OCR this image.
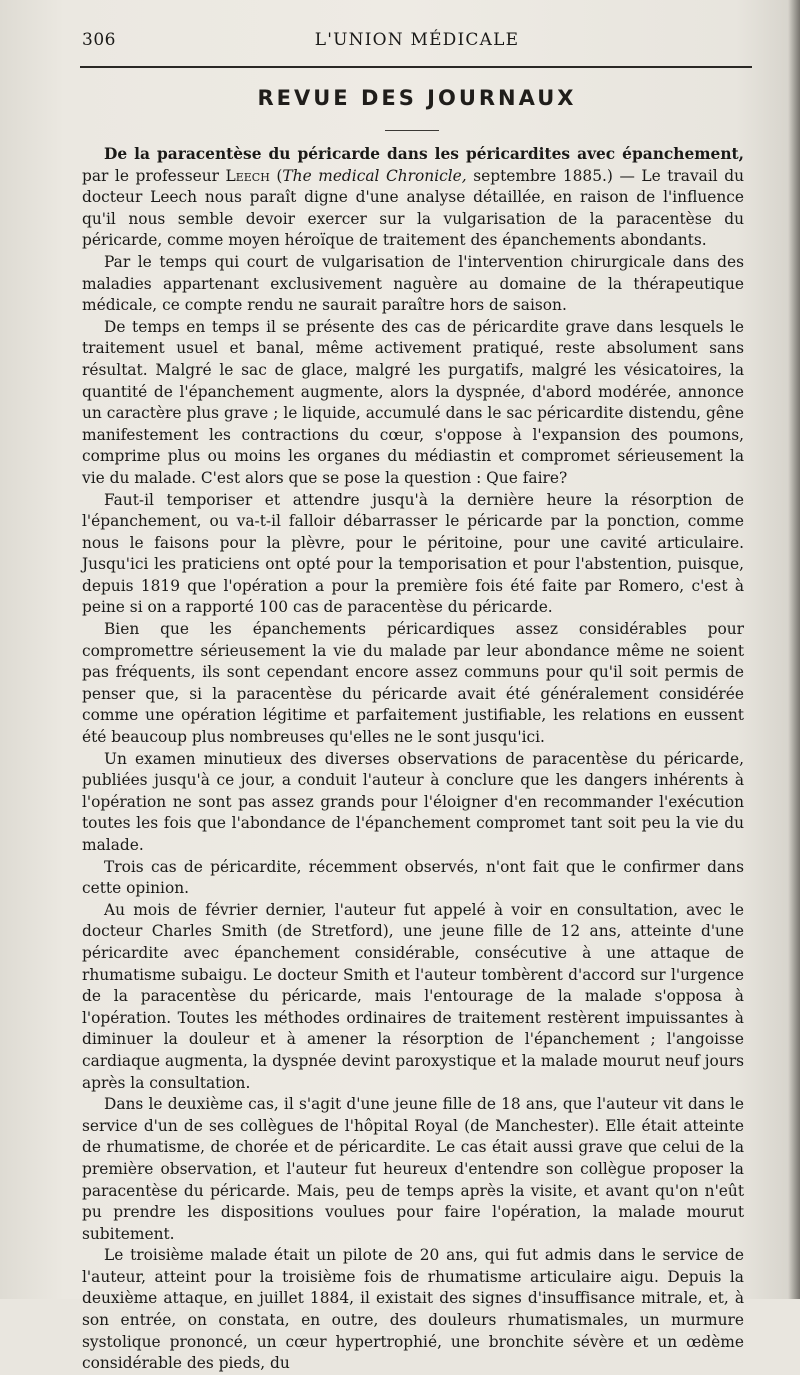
306	L'UNION MÉDICALE
REVUE DES JOURNAUX

De la paracentèse du péricarde dans les péricardites avec épanchement, par le professeur Leech (The medical Chronicle, septembre 1885.) — Le travail du docteur Leech nous paraît digne d'une analyse détaillée, en raison de l'influence qu'il nous semble devoir exercer sur la vulgarisation de la paracentèse du péricarde, comme moyen héroïque de traitement des épanchements abondants.

Par le temps qui court de vulgarisation de l'intervention chirurgicale dans des maladies appartenant exclusivement naguère au domaine de la thérapeutique médicale, ce compte rendu ne saurait paraître hors de saison.

De temps en temps il se présente des cas de péricardite grave dans lesquels le traitement usuel et banal, même activement pratiqué, reste absolument sans résultat. Malgré le sac de glace, malgré les purgatifs, malgré les vésicatoires, la quantité de l'épanchement augmente, alors la dyspnée, d'abord modérée, annonce un caractère plus grave ; le liquide, accumulé dans le sac péricardite distendu, gêne manifestement les contractions du cœur, s'oppose à l'expansion des poumons, comprime plus ou moins les organes du médiastin et compromet sérieusement la vie du malade. C'est alors que se pose la question : Que faire?

Faut-il temporiser et attendre jusqu'à la dernière heure la résorption de l'épanchement, ou va-t-il falloir débarrasser le péricarde par la ponction, comme nous le faisons pour la plèvre, pour le péritoine, pour une cavité articulaire. Jusqu'ici les praticiens ont opté pour la temporisation et pour l'abstention, puisque, depuis 1819 que l'opération a pour la première fois été faite par Romero, c'est à peine si on a rapporté 100 cas de paracentèse du péricarde.

Bien que les épanchements péricardiques assez considérables pour compromettre sérieusement la vie du malade par leur abondance même ne soient pas fréquents, ils sont cependant encore assez communs pour qu'il soit permis de penser que, si la paracentèse du péricarde avait été généralement considérée comme une opération légitime et parfaitement justifiable, les relations en eussent été beaucoup plus nombreuses qu'elles ne le sont jusqu'ici.

Un examen minutieux des diverses observations de paracentèse du péricarde, publiées jusqu'à ce jour, a conduit l'auteur à conclure que les dangers inhérents à l'opération ne sont pas assez grands pour l'éloigner d'en recommander l'exécution toutes les fois que l'abondance de l'épanchement compromet tant soit peu la vie du malade.

Trois cas de péricardite, récemment observés, n'ont fait que le confirmer dans cette opinion.

Au mois de février dernier, l'auteur fut appelé à voir en consultation, avec le docteur Charles Smith (de Stretford), une jeune fille de 12 ans, atteinte d'une péricardite avec épanchement considérable, consécutive à une attaque de rhumatisme subaigu. Le docteur Smith et l'auteur tombèrent d'accord sur l'urgence de la paracentèse du péricarde, mais l'entourage de la malade s'opposa à l'opération. Toutes les méthodes ordinaires de traitement restèrent impuissantes à diminuer la douleur et à amener la résorption de l'épanchement ; l'angoisse cardiaque augmenta, la dyspnée devint paroxystique et la malade mourut neuf jours après la consultation.

Dans le deuxième cas, il s'agit d'une jeune fille de 18 ans, que l'auteur vit dans le service d'un de ses collègues de l'hôpital Royal (de Manchester). Elle était atteinte de rhumatisme, de chorée et de péricardite. Le cas était aussi grave que celui de la première observation, et l'auteur fut heureux d'entendre son collègue proposer la paracentèse du péricarde. Mais, peu de temps après la visite, et avant qu'on n'eût pu prendre les dispositions voulues pour faire l'opération, la malade mourut subitement.

Le troisième malade était un pilote de 20 ans, qui fut admis dans le service de l'auteur, atteint pour la troisième fois de rhumatisme articulaire aigu. Depuis la deuxième attaque, en juillet 1884, il existait des signes d'insuffisance mitrale, et, à son entrée, on constata, en outre, des douleurs rhumatismales, un murmure systolique prononcé, un cœur hypertrophié, une bronchite sévère et un œdème considérable des pieds, du
